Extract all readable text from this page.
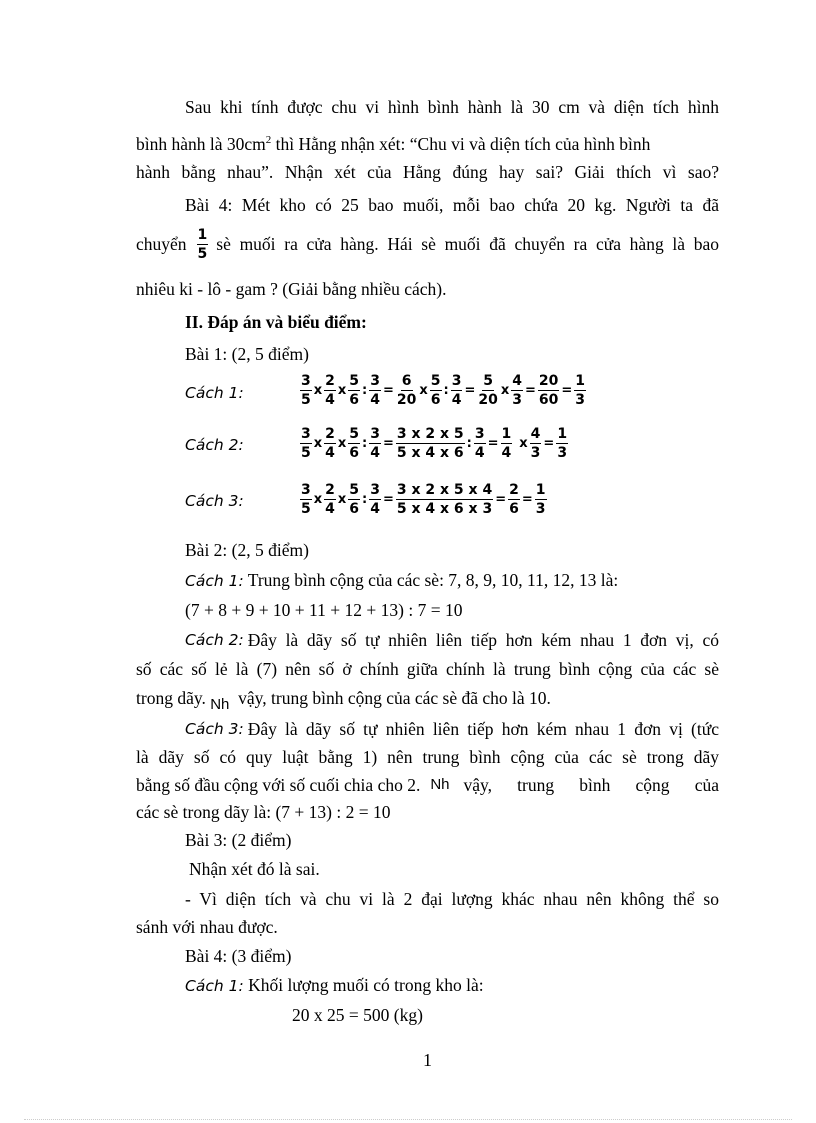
Sau khi tính được chu vi hình bình hành là 30 cm và diện tích hình
bình hành là $30cm^2$ thì Hằng nhận xét: “Chu vi và diện tích của hình bình
hành bằng nhau”. Nhận xét của Hằng đúng hay sai? Giải thích vì sao?
Bài 4: Mét kho có 25 bao muối, mỗi bao chứa 20 kg. Người ta đã
chuyển $\frac{1}{5}$ sè muối ra cửa hàng. Hái sè muối đã chuyển ra cửa hàng là bao
nhiêu ki - lô - gam ? (Giải bằng nhiều cách).
II. Đáp án và biểu điểm:
Bài 1: (2, 5 điểm)
Cách 1:	$\frac{3}{5}$ x $\frac{2}{4}$ x $\frac{5}{6}$ : $\frac{3}{4} = \frac{6}{20}$ x $\frac{5}{6}$ : $\frac{3}{4} = \frac{5}{20}$ x $\frac{4}{3} = \frac{20}{60} = \frac{1}{3}$
Cách 2:	$\frac{3}{5}$ x $\frac{2}{4}$ x $\frac{5}{6}$ : $\frac{3}{4} = \frac{3 x 2 x 5}{5 x 4 x 6}$ : $\frac{3}{4} = \frac{1}{4}$ x $\frac{4}{3} = \frac{1}{3}$
Cách 3:	$\frac{3}{5}$ x $\frac{2}{4}$ x $\frac{5}{6}$ : $\frac{3}{4} = \frac{3 x 2 x 5 x 4}{5 x 4 x 6 x 3} = \frac{2}{6} = \frac{1}{3}$
Bài 2: (2, 5 điểm)
Cách 1: Trung bình cộng của các sè: 7, 8, 9, 10, 11, 12, 13 là:
(7 + 8 + 9 + 10 + 11 + 12 + 13) : 7 = 10
Cách 2: Đây là dãy số tự nhiên liên tiếp hơn kém nhau 1 đơn vị, có
số các số lẻ là (7) nên số ở chính giữa chính là trung bình cộng của các sè
trong dãy. Nh vậy, trung bình cộng của các sè đã cho là 10.
Cách 3: Đây là dãy số tự nhiên liên tiếp hơn kém nhau 1 đơn vị (tức
là dãy số có quy luật bằng 1) nên trung bình cộng của các sè trong dãy
bằng số đầu cộng với số cuối chia cho 2. Nh vậy, trung bình cộng của
các sè trong dãy là: (7 + 13) : 2 = 10
Bài 3: (2 điểm)
Nhận xét đó là sai.
- Vì diện tích và chu vi là 2 đại lượng khác nhau nên không thể so
sánh với nhau được.
Bài 4: (3 điểm)
Cách 1: Khối lượng muối có trong kho là:
20 x 25 = 500 (kg)
1
